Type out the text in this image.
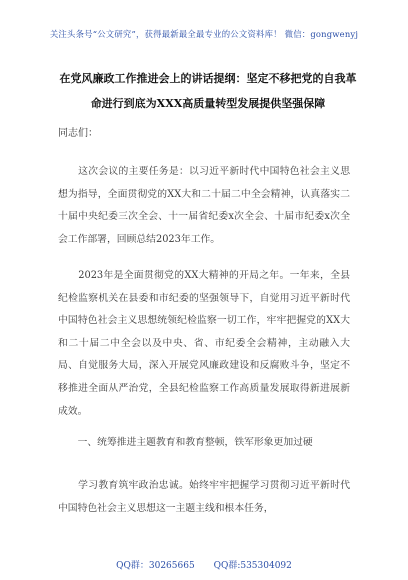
关注头条号“公文研究”，获得最新最全最专业的公文资料库！ 微信：gongwenyj
在党风廉政工作推进会上的讲话提纲：坚定不移把党的自我革命进行到底为XXX高质量转型发展提供坚强保障
同志们：
　　这次会议的主要任务是：以习近平新时代中国特色社会主义思想为指导，全面贯彻党的XX大和二十届二中全会精神，认真落实二十届中央纪委三次全会、十一届省纪委x次全会、十届市纪委x次全会工作部署，回顾总结2023年工作。
　　2023年是全面贯彻党的XX大精神的开局之年。一年来，全县纪检监察机关在县委和市纪委的坚强领导下，自觉用习近平新时代中国特色社会主义思想统领纪检监察一切工作，牢牢把握党的XX大和二十届二中全会以及中央、省、市纪委全会精神，主动融入大局、自觉服务大局，深入开展党风廉政建设和反腐败斗争，坚定不移推进全面从严治党，全县纪检监察工作高质量发展取得新进展新成效。
　　一、统筹推进主题教育和教育整顿，铁军形象更加过硬
　　学习教育筑牢政治忠诚。始终牢牢把握学习贯彻习近平新时代中国特色社会主义思想这一主题主线和根本任务，
QQ群：30265665 QQ群:535304092
